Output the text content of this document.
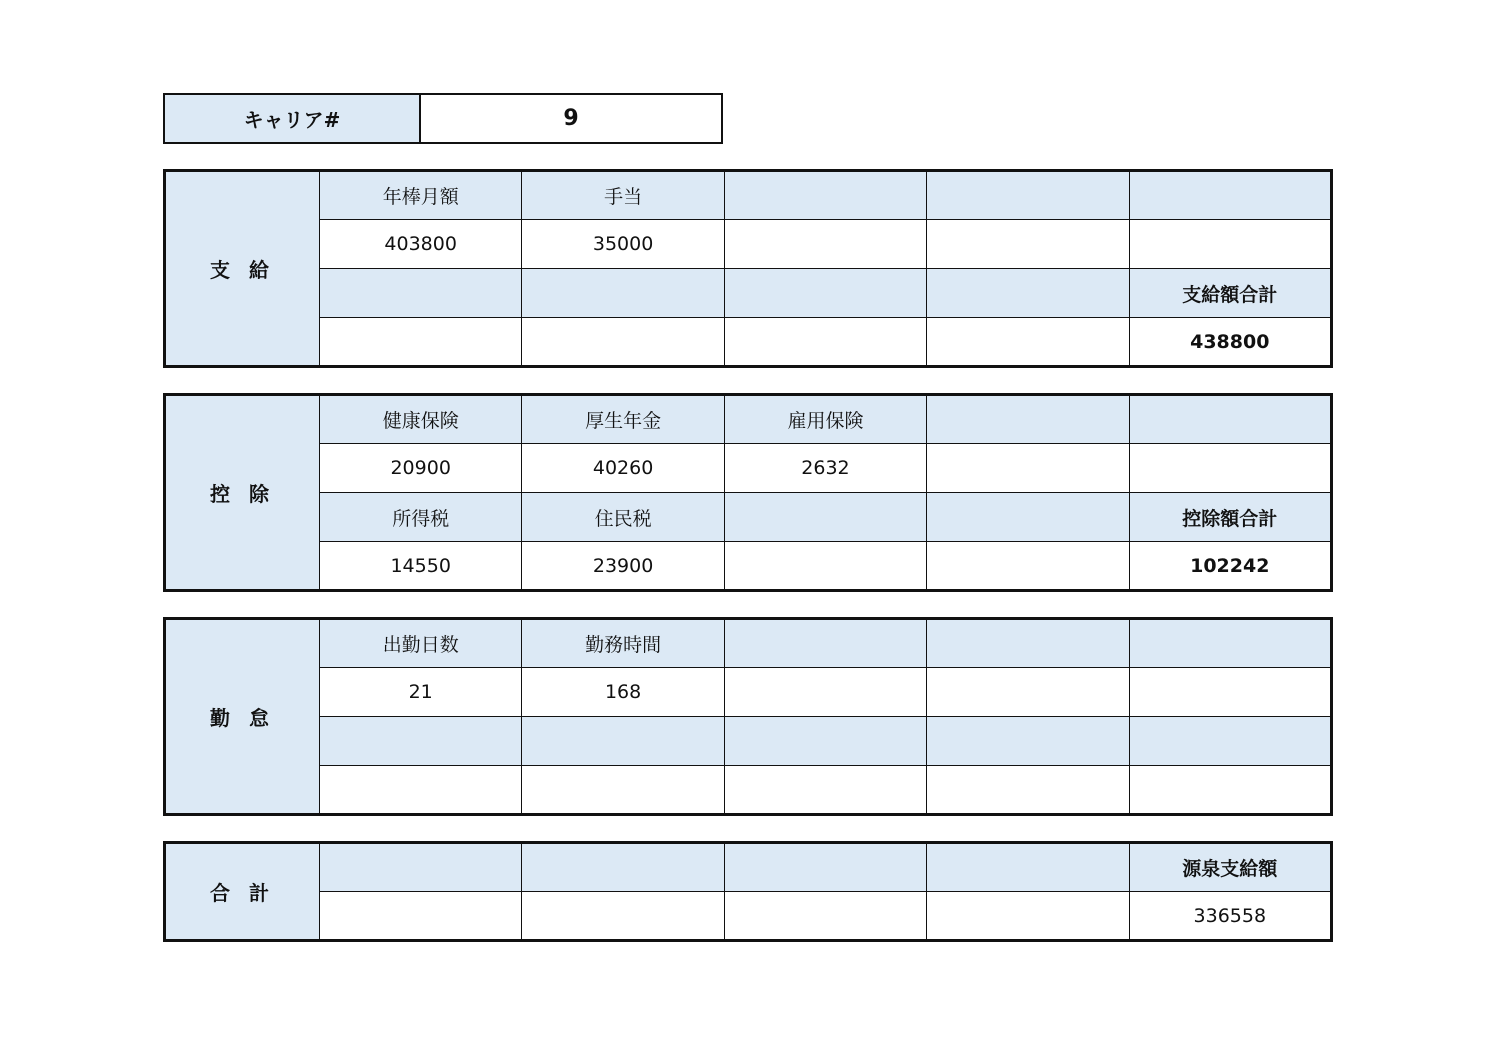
キャリア#	9
支 給	年棒月額	手当			
	403800	35000			
					支給額合計
					438800
控 除	健康保険	厚生年金	雇用保険		
	20900	40260	2632		
	所得税	住民税			控除額合計
	14550	23900			102242
勤 怠	出勤日数	勤務時間			
	21	168			

合 計					源泉支給額
					336558
